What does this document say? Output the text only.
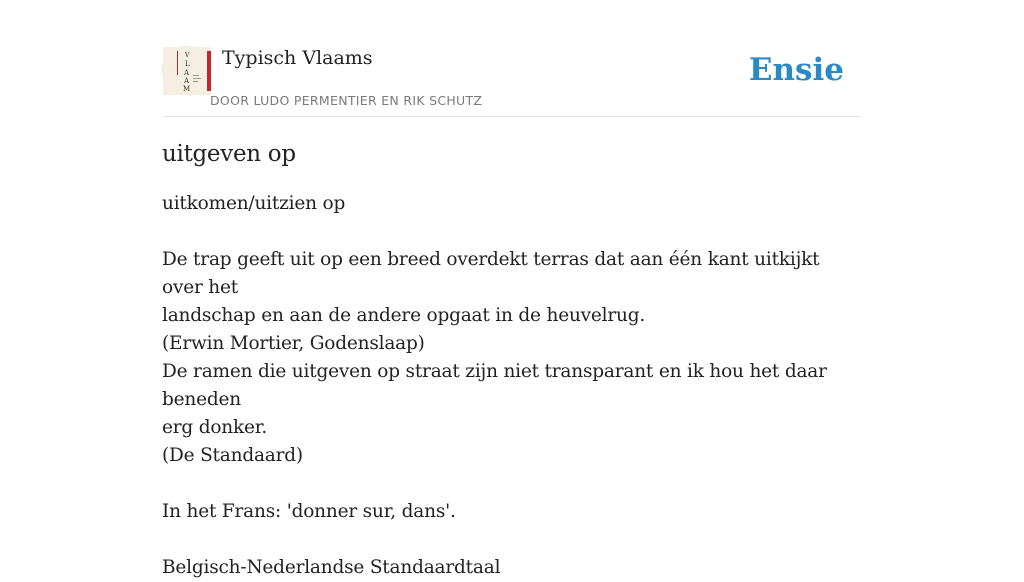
V
L
A
A
M
Typisch Vlaams
DOOR LUDO PERMENTIER EN RIK SCHUTZ
Ensie
uitgeven op

uitkomen/uitzien op

De trap geeft uit op een breed overdekt terras dat aan één kant uitkijkt over het

landschap en aan de andere opgaat in de heuvelrug.

(Erwin Mortier, Godenslaap)

De ramen die uitgeven op straat zijn niet transparant en ik hou het daar beneden

erg donker.

(De Standaard)

In het Frans: 'donner sur, dans'.

Belgisch-Nederlandse Standaardtaal
